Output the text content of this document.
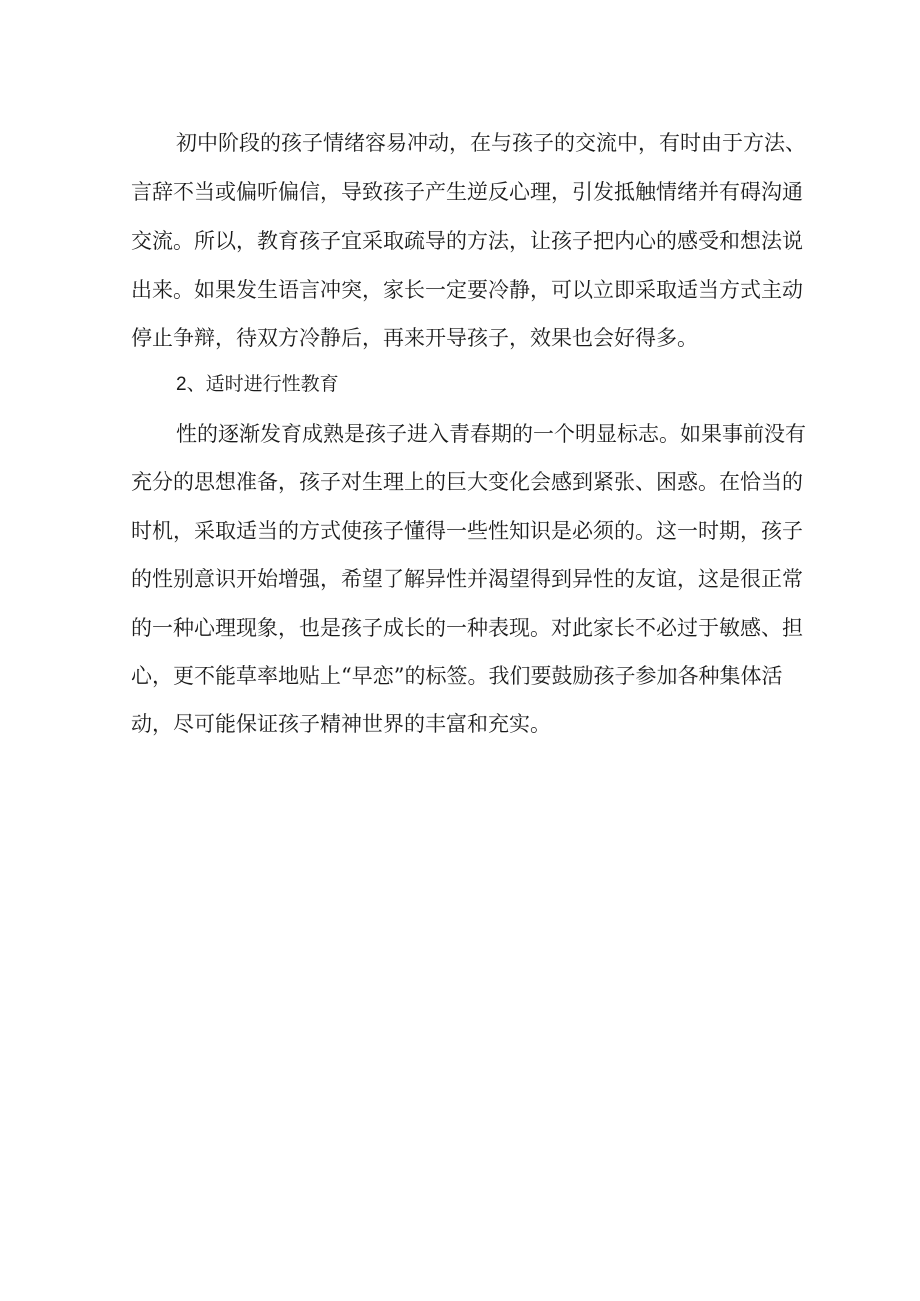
初中阶段的孩子情绪容易冲动，在与孩子的交流中，有时由于方法、
言辞不当或偏听偏信，导致孩子产生逆反心理，引发抵触情绪并有碍沟通
交流。所以，教育孩子宜采取疏导的方法，让孩子把内心的感受和想法说
出来。如果发生语言冲突，家长一定要冷静，可以立即采取适当方式主动
停止争辩，待双方冷静后，再来开导孩子，效果也会好得多。
2、适时进行性教育
性的逐渐发育成熟是孩子进入青春期的一个明显标志。如果事前没有
充分的思想准备，孩子对生理上的巨大变化会感到紧张、困惑。在恰当的
时机，采取适当的方式使孩子懂得一些性知识是必须的。这一时期，孩子
的性别意识开始增强，希望了解异性并渴望得到异性的友谊，这是很正常
的一种心理现象，也是孩子成长的一种表现。对此家长不必过于敏感、担
心，更不能草率地贴上“早恋”的标签。我们要鼓励孩子参加各种集体活
动，尽可能保证孩子精神世界的丰富和充实。
